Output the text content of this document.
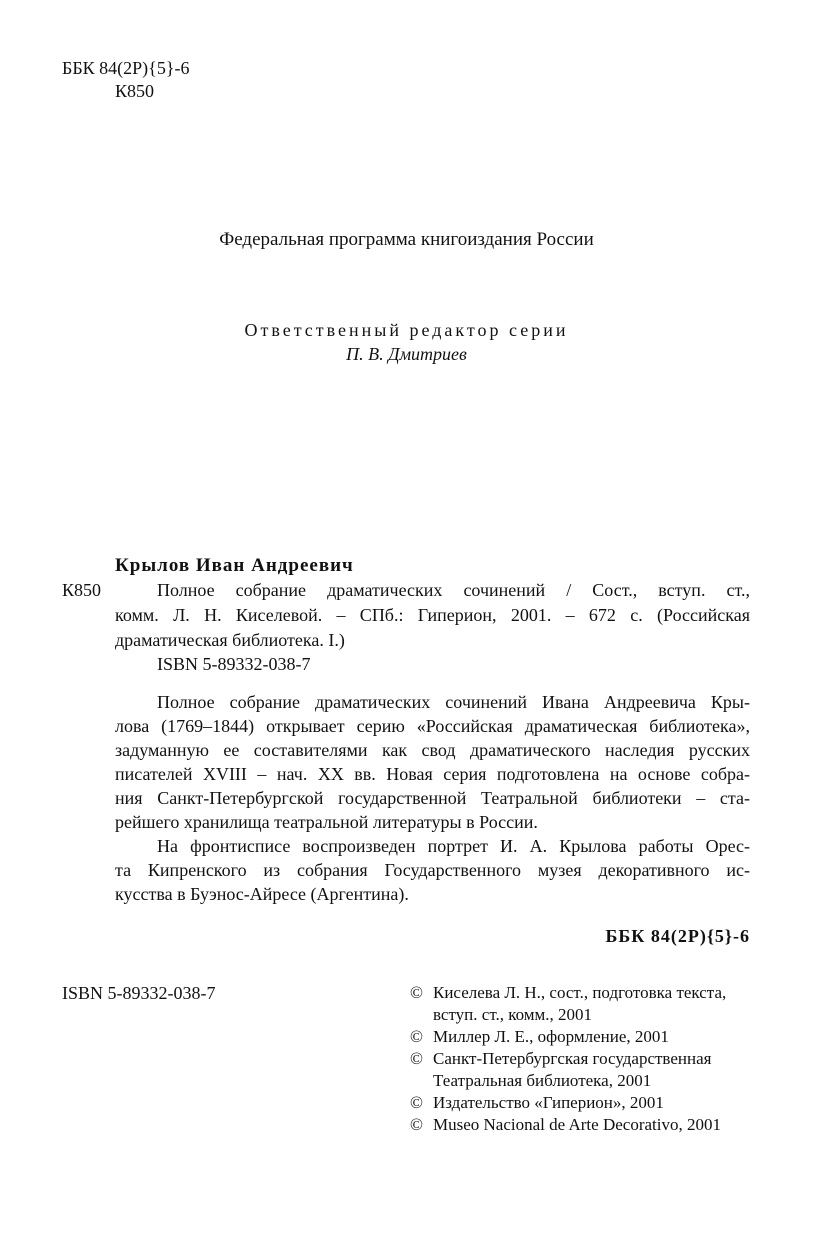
ББК 84(2Р){5}-6
К850
Федеральная программа книгоиздания России
Ответственный редактор серии
П. В. Дмитриев
Крылов Иван Андреевич
К850	Полное собрание драматических сочинений / Сост., вступ. ст.,
комм. Л. Н. Киселевой. – СПб.: Гиперион, 2001. – 672 с. (Российская
драматическая библиотека. I.)
ISBN 5-89332-038-7
Полное собрание драматических сочинений Ивана Андреевича Кры-
лова (1769–1844) открывает серию «Российская драматическая библиотека»,
задуманную ее составителями как свод драматического наследия русских
писателей XVIII – нач. XX вв. Новая серия подготовлена на основе собра-
ния Санкт-Петербургской государственной Театральной библиотеки – ста-
рейшего хранилища театральной литературы в России.
На фронтисписе воспроизведен портрет И. А. Крылова работы Орес-
та Кипренского из собрания Государственного музея декоративного ис-
кусства в Буэнос-Айресе (Аргентина).
ББК 84(2Р){5}-6
ISBN 5-89332-038-7	© Киселева Л. Н., сост., подготовка текста,
вступ. ст., комм., 2001
© Миллер Л. Е., оформление, 2001
© Санкт-Петербургская государственная
Театральная библиотека, 2001
© Издательство «Гиперион», 2001
© Museo Nacional de Arte Decorativo, 2001
